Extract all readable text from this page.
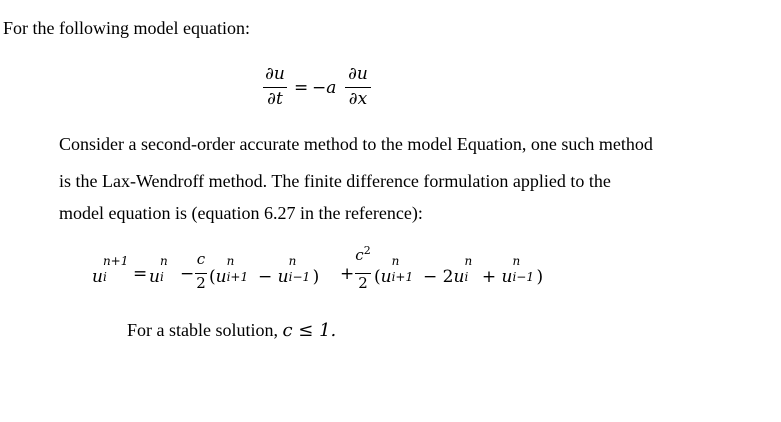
For the following model equation:
∂u
∂t
= −a
∂u
∂x
Consider a second-order accurate method to the model Equation, one such method
is the Lax-Wendroff method. The finite difference formulation applied to the
model equation is (equation 6.27 in the reference):
u
n+1
i = u
n
i −
c
2 (u
n
i+1 − u
n
i−1 ) +
$c^2$
2 (u
n
i+1 − 2u
n
i + u
n
i−1 )
For a stable solution, c ≤ 1.
